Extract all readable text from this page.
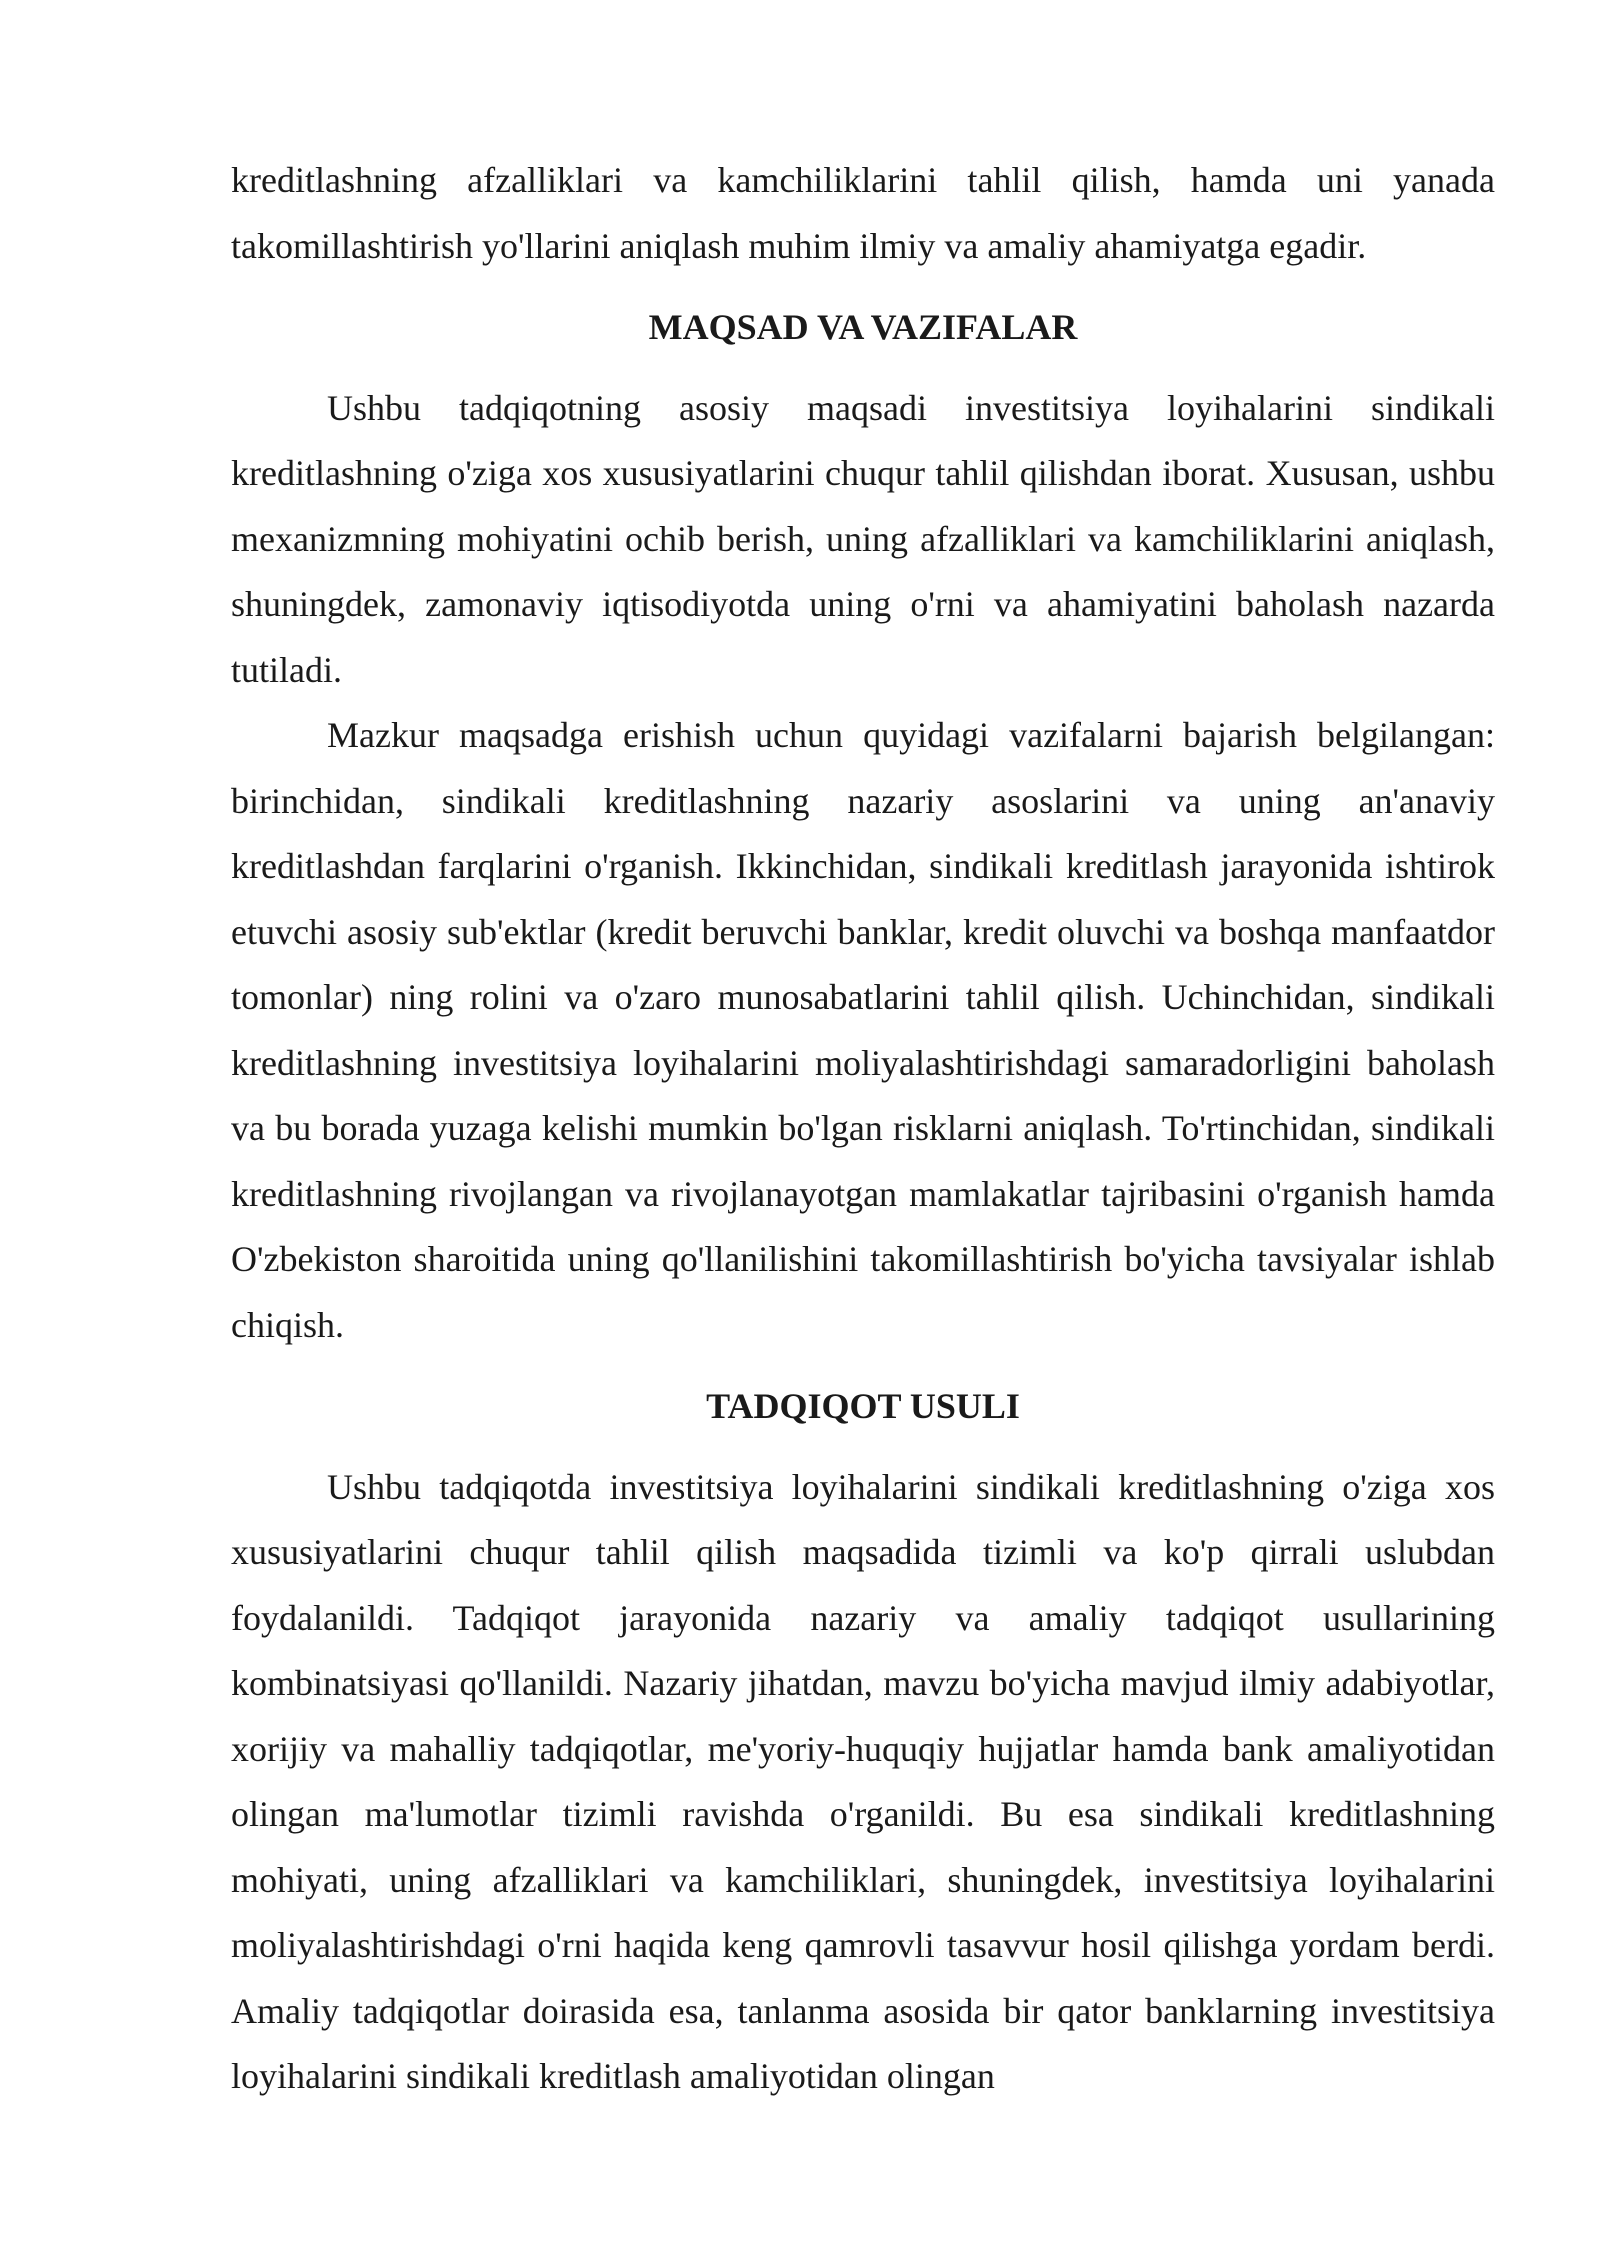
kreditlashning afzalliklari va kamchiliklarini tahlil qilish, hamda uni yanada takomillashtirish yo'llarini aniqlash muhim ilmiy va amaliy ahamiyatga egadir.

MAQSAD VA VAZIFALAR

Ushbu tadqiqotning asosiy maqsadi investitsiya loyihalarini sindikali kreditlashning o'ziga xos xususiyatlarini chuqur tahlil qilishdan iborat. Xususan, ushbu mexanizmning mohiyatini ochib berish, uning afzalliklari va kamchiliklarini aniqlash, shuningdek, zamonaviy iqtisodiyotda uning o'rni va ahamiyatini baholash nazarda tutiladi.

Mazkur maqsadga erishish uchun quyidagi vazifalarni bajarish belgilangan: birinchidan, sindikali kreditlashning nazariy asoslarini va uning an'anaviy kreditlashdan farqlarini o'rganish. Ikkinchidan, sindikali kreditlash jarayonida ishtirok etuvchi asosiy sub'ektlar (kredit beruvchi banklar, kredit oluvchi va boshqa manfaatdor tomonlar) ning rolini va o'zaro munosabatlarini tahlil qilish. Uchinchidan, sindikali kreditlashning investitsiya loyihalarini moliyalashtirishdagi samaradorligini baholash va bu borada yuzaga kelishi mumkin bo'lgan risklarni aniqlash. To'rtinchidan, sindikali kreditlashning rivojlangan va rivojlanayotgan mamlakatlar tajribasini o'rganish hamda O'zbekiston sharoitida uning qo'llanilishini takomillashtirish bo'yicha tavsiyalar ishlab chiqish.

TADQIQOT USULI

Ushbu tadqiqotda investitsiya loyihalarini sindikali kreditlashning o'ziga xos xususiyatlarini chuqur tahlil qilish maqsadida tizimli va ko'p qirrali uslubdan foydalanildi. Tadqiqot jarayonida nazariy va amaliy tadqiqot usullarining kombinatsiyasi qo'llanildi. Nazariy jihatdan, mavzu bo'yicha mavjud ilmiy adabiyotlar, xorijiy va mahalliy tadqiqotlar, me'yoriy-huquqiy hujjatlar hamda bank amaliyotidan olingan ma'lumotlar tizimli ravishda o'rganildi. Bu esa sindikali kreditlashning mohiyati, uning afzalliklari va kamchiliklari, shuningdek, investitsiya loyihalarini moliyalashtirishdagi o'rni haqida keng qamrovli tasavvur hosil qilishga yordam berdi. Amaliy tadqiqotlar doirasida esa, tanlanma asosida bir qator banklarning investitsiya loyihalarini sindikali kreditlash amaliyotidan olingan
